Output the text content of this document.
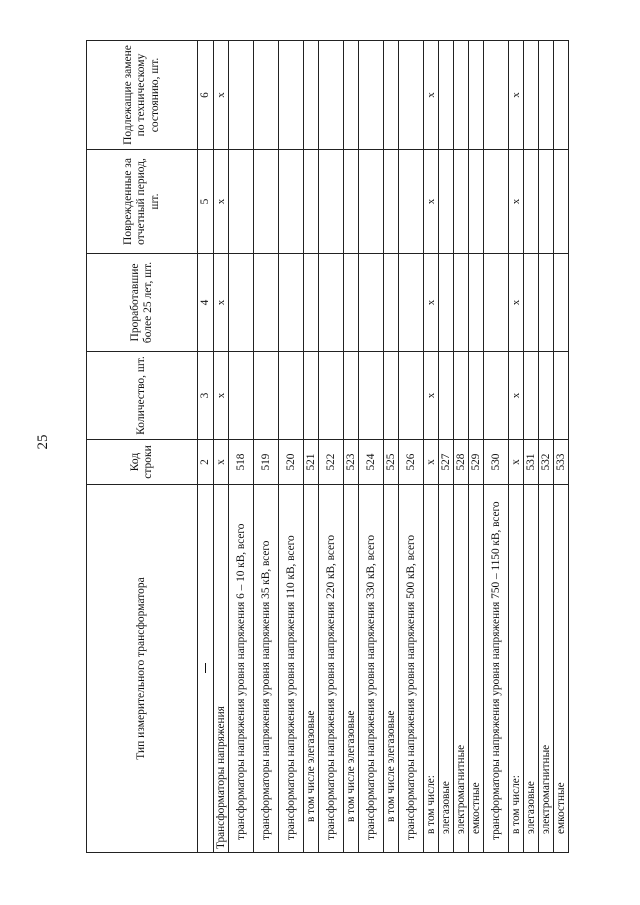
25
Тип измерительного трансформатора	Код строки	Количество, шт.	Проработавшие более 25 лет, шт.	Поврежденные за отчетный период, шт.	Подлежащие замене по техническому состоянию, шт.
	2	3	4	5	6
Трансформаторы напряжения	х	х	х	х	х
трансформаторы напряжения уровня напряжения 6 – 10 кВ, всего	518				
трансформаторы напряжения уровня напряжения 35 кВ, всего	519				
трансформаторы напряжения уровня напряжения 110 кВ, всего	520				
в том числе элегазовые	521				
трансформаторы напряжения уровня напряжения 220 кВ, всего	522				
в том числе элегазовые	523				
трансформаторы напряжения уровня напряжения 330 кВ, всего	524				
в том числе элегазовые	525				
трансформаторы напряжения уровня напряжения 500 кВ, всего	526				
в том числе:	х	х	х	х	х
элегазовые	527				
электромагнитные	528				
емкостные	529				
трансформаторы напряжения уровня напряжения 750 – 1150 кВ, всего	530				
в том числе:	х	х	х	х	х
элегазовые	531				
электромагнитные	532				
емкостные	533				
